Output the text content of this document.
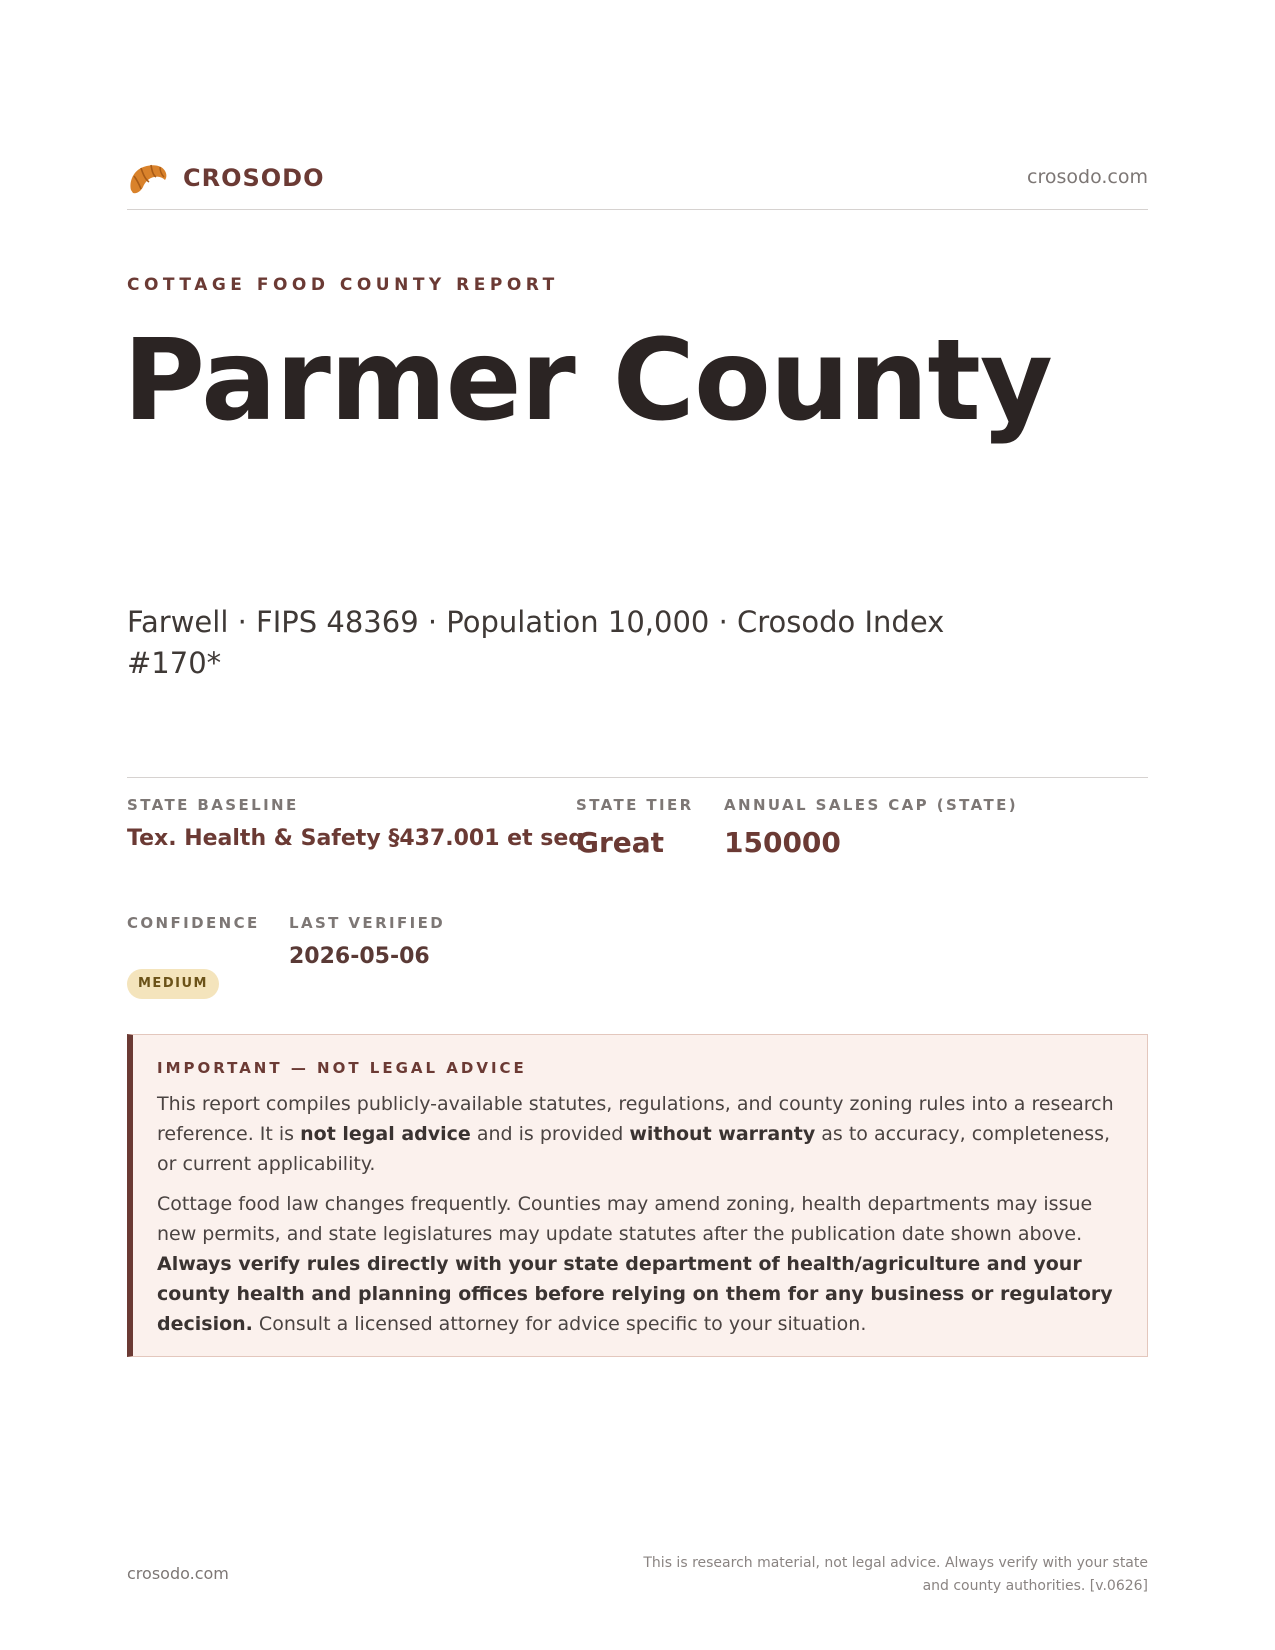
CROSODO	crosodo.com
COTTAGE FOOD COUNTY REPORT
Parmer County
Farwell · FIPS 48369 · Population 10,000 · Crosodo Index #170*
STATE BASELINE
Tex. Health & Safety §437.001 et seq.
STATE TIER
Great
ANNUAL SALES CAP (STATE)
150000
CONFIDENCE
MEDIUM
LAST VERIFIED
2026-05-06
IMPORTANT — NOT LEGAL ADVICE

This report compiles publicly-available statutes, regulations, and county zoning rules into a research reference. It is not legal advice and is provided without warranty as to accuracy, completeness, or current applicability.

Cottage food law changes frequently. Counties may amend zoning, health departments may issue new permits, and state legislatures may update statutes after the publication date shown above. Always verify rules directly with your state department of health/agriculture and your county health and planning offices before relying on them for any business or regulatory decision. Consult a licensed attorney for advice specific to your situation.

crosodo.com
This is research material, not legal advice. Always verify with your state and county authorities. [v.0626]
